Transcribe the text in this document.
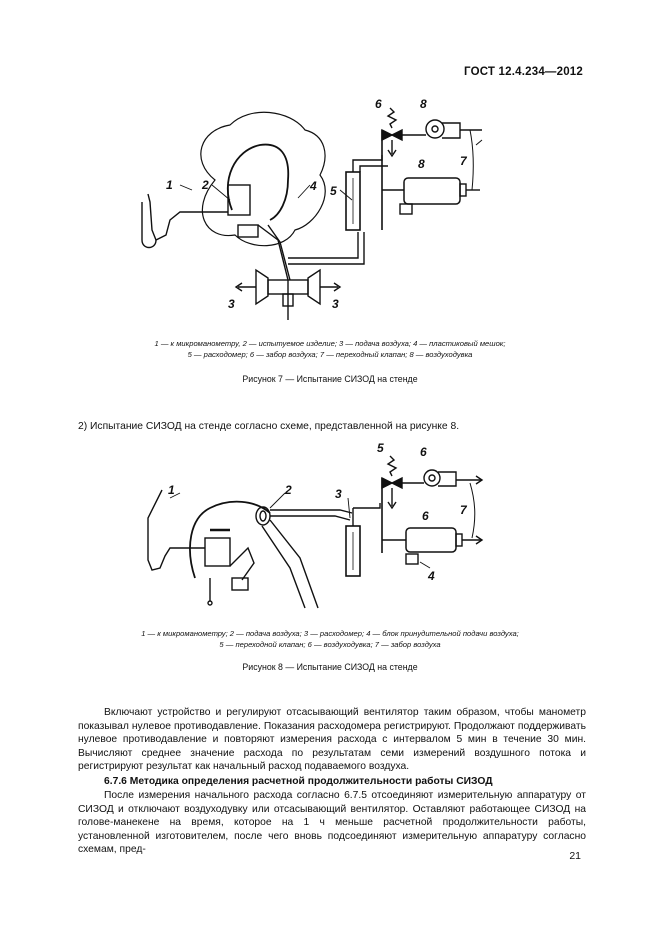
ГОСТ 12.4.234—2012
1 2
3	3
4 5
6
7
8
8
1 — к микроманометру, 2 — испытуемое изделие; 3 — подача воздуха; 4 — пластиковый мешок;
5 — расходомер; 6 — забор воздуха; 7 — переходный клапан; 8 — воздуходувка
Рисунок 7 — Испытание СИЗОД на стенде
2) Испытание СИЗОД на стенде согласно схеме, представленной на рисунке 8.
1	2	3
4
5	6
6	7
1 — к микроманометру; 2 — подача воздуха; 3 — расходомер; 4 — блок принудительной подачи воздуха;
5 — переходной клапан; 6 — воздуходувка; 7 — забор воздуха
Рисунок 8 — Испытание СИЗОД на стенде
Включают устройство и регулируют отсасывающий вентилятор таким образом, чтобы манометр показывал нулевое противодавление. Показания расходомера регистрируют. Продолжают поддерживать нулевое противодавление и повторяют измерения расхода с интервалом 5 мин в течение 30 мин. Вычисляют среднее значение расхода по результатам семи измерений воздушного потока и регистрируют результат как начальный расход подаваемого воздуха.
6.7.6 Методика определения расчетной продолжительности работы СИЗОД
После измерения начального расхода согласно 6.7.5 отсоединяют измерительную аппаратуру от СИЗОД и отключают воздуходувку или отсасывающий вентилятор. Оставляют работающее СИЗОД на голове-манекене на время, которое на 1 ч меньше расчетной продолжительности работы, установленной изготовителем, после чего вновь подсоединяют измерительную аппаратуру согласно схемам, пред-
21
